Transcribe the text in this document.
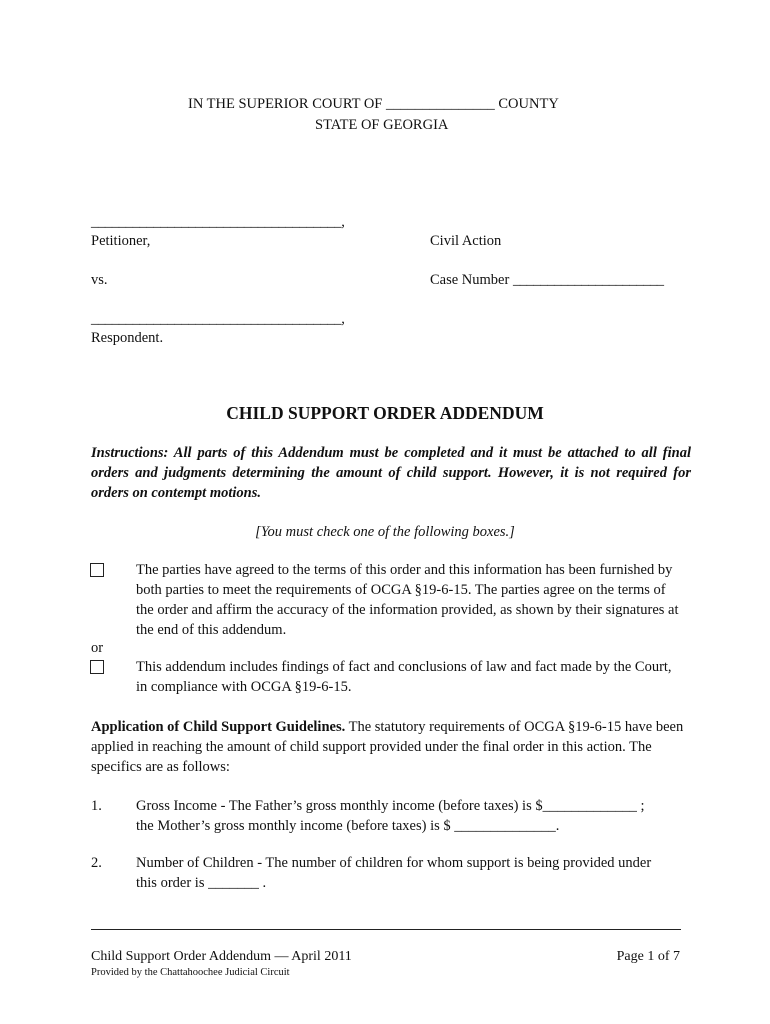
IN THE SUPERIOR COURT OF _______________ COUNTY
STATE OF GEORGIA
____________________________________,
Petitioner,	Civil Action
vs.	Case Number ______________________
____________________________________,
Respondent.
CHILD SUPPORT ORDER ADDENDUM
Instructions: All parts of this Addendum must be completed and it must be attached to all final orders and judgments determining the amount of child support. However, it is not required for orders on contempt motions.
[You must check one of the following boxes.]
The parties have agreed to the terms of this order and this information has been furnished by both parties to meet the requirements of OCGA §19-6-15. The parties agree on the terms of the order and affirm the accuracy of the information provided, as shown by their signatures at the end of this addendum.
or
This addendum includes findings of fact and conclusions of law and fact made by the Court, in compliance with OCGA §19-6-15.
Application of Child Support Guidelines. The statutory requirements of OCGA §19-6-15 have been applied in reaching the amount of child support provided under the final order in this action. The specifics are as follows:
1. Gross Income - The Father’s gross monthly income (before taxes) is $_____________ ;
the Mother’s gross monthly income (before taxes) is $ ______________.
2. Number of Children - The number of children for whom support is being provided under
this order is _______ .
Child Support Order Addendum — April 2011	Page 1 of 7
Provided by the Chattahoochee Judicial Circuit
